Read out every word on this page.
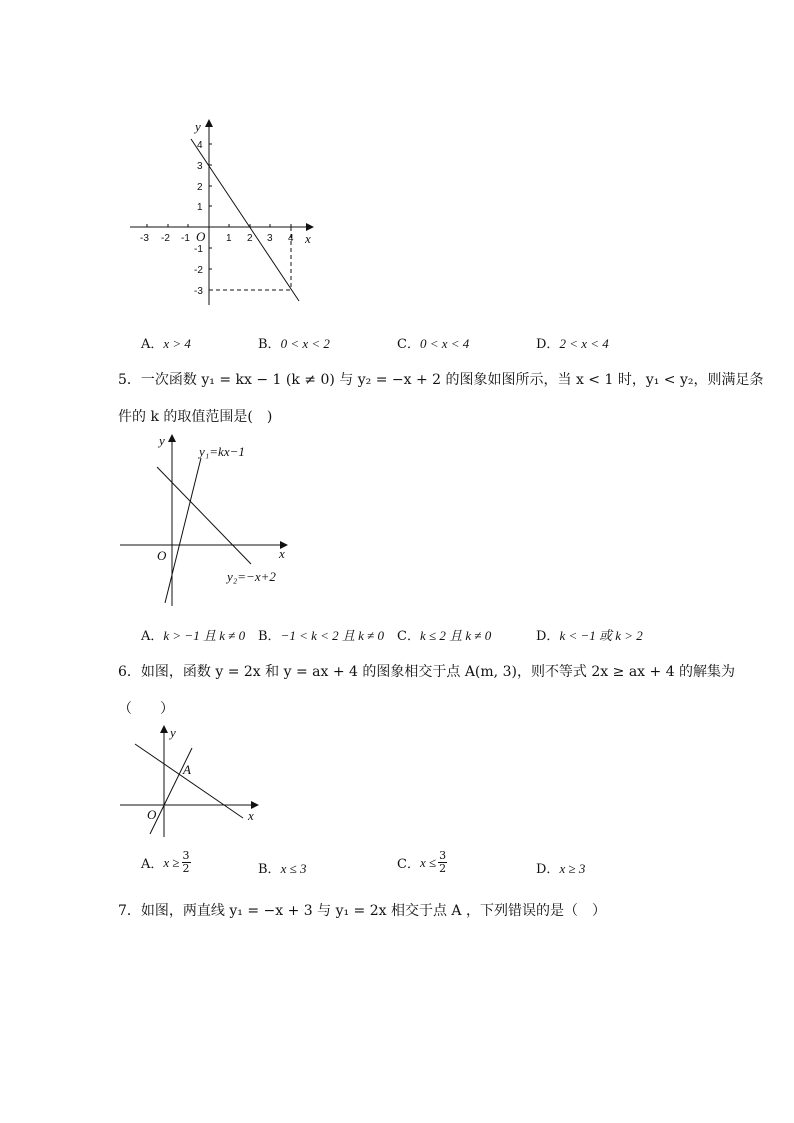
-3 -2 -1	1 2 3 4
4
3
2
1
-1
-2
-3
O	x
y
A．x > 4	B．0 < x < 2	C．0 < x < 4	D．2 < x < 4
5．一次函数 y₁ = kx − 1 (k ≠ 0) 与 y₂ = −x + 2 的图象如图所示，当 x < 1 时，y₁ < y₂，则满足条
件的 k 的取值范围是(　)
y₁=kx−1
y₂=−x+2
O	x
y
A．k > −1 且 k ≠ 0 B．−1 < k < 2 且 k ≠ 0 C．k ≤ 2 且 k ≠ 0	D．k < −1 或 k > 2
6．如图，函数 y = 2x 和 y = ax + 4 的图象相交于点 A(m, 3)，则不等式 2x ≥ ax + 4 的解集为
（　　）
A
O	x
y
A． $x \ge \frac{3}{2}$	B．x ≤ 3	C． $x \le \frac{3}{2}$	D．x ≥ 3
7．如图，两直线 y₁ = −x + 3 与 y₁ = 2x 相交于点 A ，下列错误的是（　）
